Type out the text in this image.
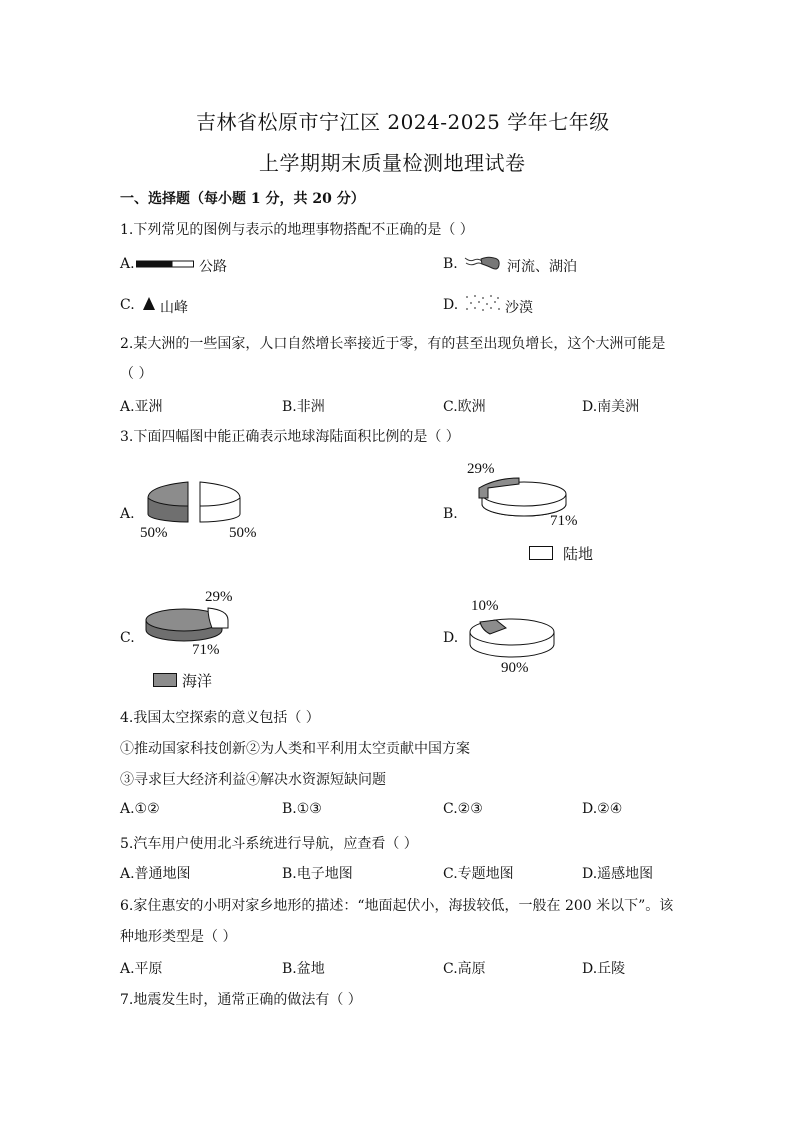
吉林省松原市宁江区 2024-2025 学年七年级
上学期期末质量检测地理试卷
一、选择题（每小题 1 分，共 20 分）
1.下列常见的图例与表示的地理事物搭配不正确的是（ ）
A.	公路	B.	河流、湖泊
C. 山峰	D.	沙漠
2.某大洲的一些国家，人口自然增长率接近于零，有的甚至出现负增长，这个大洲可能是
（ ）
A.亚洲	B.非洲	C.欧洲	D.南美洲
3.下面四幅图中能正确表示地球海陆面积比例的是（ ）
A.
50%	50%
B.
29%
71%
陆地
C.
29%
71%
海洋
D.
10%
90%
4.我国太空探索的意义包括（ ）
①推动国家科技创新②为人类和平利用太空贡献中国方案
③寻求巨大经济利益④解决水资源短缺问题
A.①②	B.①③	C.②③	D.②④
5.汽车用户使用北斗系统进行导航，应查看（ ）
A.普通地图	B.电子地图	C.专题地图	D.遥感地图
6.家住惠安的小明对家乡地形的描述：“地面起伏小，海拔较低，一般在 200 米以下”。该
种地形类型是（ ）
A.平原	B.盆地	C.高原	D.丘陵
7.地震发生时，通常正确的做法有（ ）
